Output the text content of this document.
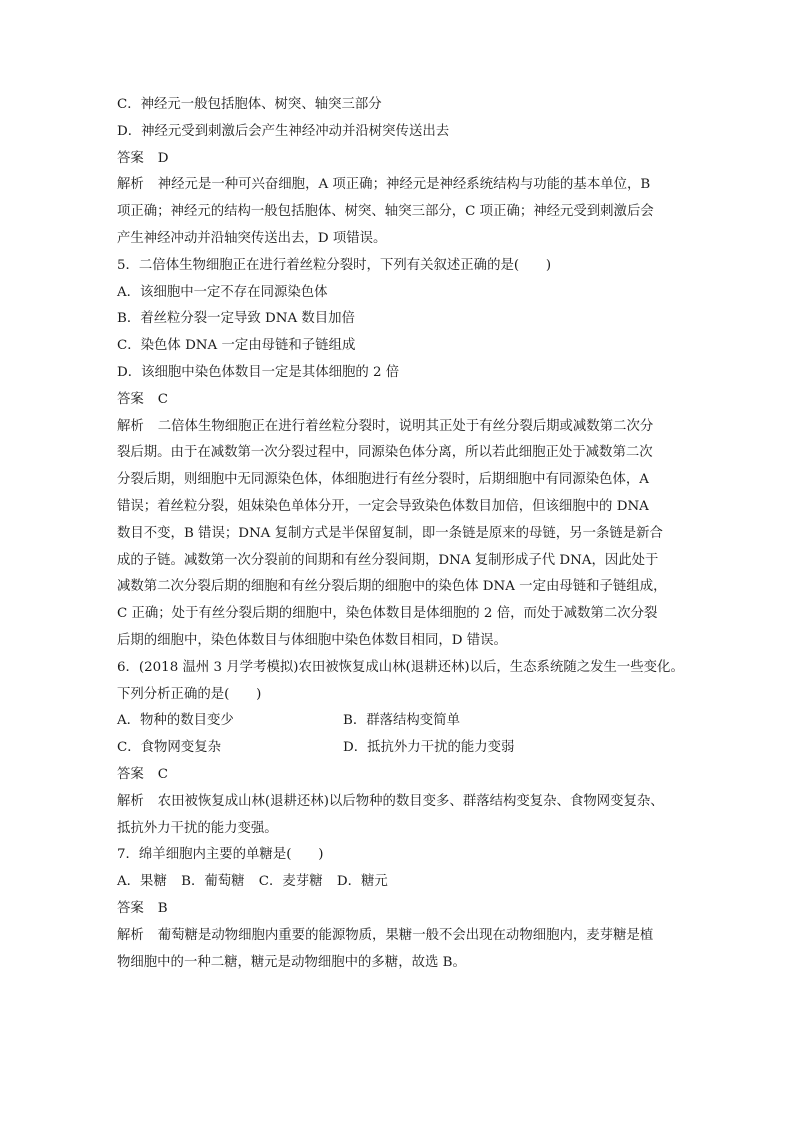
C．神经元一般包括胞体、树突、轴突三部分
D．神经元受到刺激后会产生神经冲动并沿树突传送出去
答案 D
解析 神经元是一种可兴奋细胞，A 项正确；神经元是神经系统结构与功能的基本单位，B
项正确；神经元的结构一般包括胞体、树突、轴突三部分，C 项正确；神经元受到刺激后会
产生神经冲动并沿轴突传送出去，D 项错误。
5．二倍体生物细胞正在进行着丝粒分裂时，下列有关叙述正确的是(　　)
A．该细胞中一定不存在同源染色体
B．着丝粒分裂一定导致 DNA 数目加倍
C．染色体 DNA 一定由母链和子链组成
D．该细胞中染色体数目一定是其体细胞的 2 倍
答案 C
解析 二倍体生物细胞正在进行着丝粒分裂时，说明其正处于有丝分裂后期或减数第二次分
裂后期。由于在减数第一次分裂过程中，同源染色体分离，所以若此细胞正处于减数第二次
分裂后期，则细胞中无同源染色体，体细胞进行有丝分裂时，后期细胞中有同源染色体，A
错误；着丝粒分裂，姐妹染色单体分开，一定会导致染色体数目加倍，但该细胞中的 DNA
数目不变，B 错误；DNA 复制方式是半保留复制，即一条链是原来的母链，另一条链是新合
成的子链。减数第一次分裂前的间期和有丝分裂间期，DNA 复制形成子代 DNA，因此处于
减数第二次分裂后期的细胞和有丝分裂后期的细胞中的染色体 DNA 一定由母链和子链组成，
C 正确；处于有丝分裂后期的细胞中，染色体数目是体细胞的 2 倍，而处于减数第二次分裂
后期的细胞中，染色体数目与体细胞中染色体数目相同，D 错误。
6．(2018 温州 3 月学考模拟)农田被恢复成山林(退耕还林)以后，生态系统随之发生一些变化。
下列分析正确的是(　　)
A．物种的数目变少	B．群落结构变简单
C．食物网变复杂	D．抵抗外力干扰的能力变弱
答案 C
解析 农田被恢复成山林(退耕还林)以后物种的数目变多、群落结构变复杂、食物网变复杂、
抵抗外力干扰的能力变强。
7．绵羊细胞内主要的单糖是(　　)
A．果糖 B．葡萄糖 C．麦芽糖 D．糖元
答案 B
解析 葡萄糖是动物细胞内重要的能源物质，果糖一般不会出现在动物细胞内，麦芽糖是植
物细胞中的一种二糖，糖元是动物细胞中的多糖，故选 B。
